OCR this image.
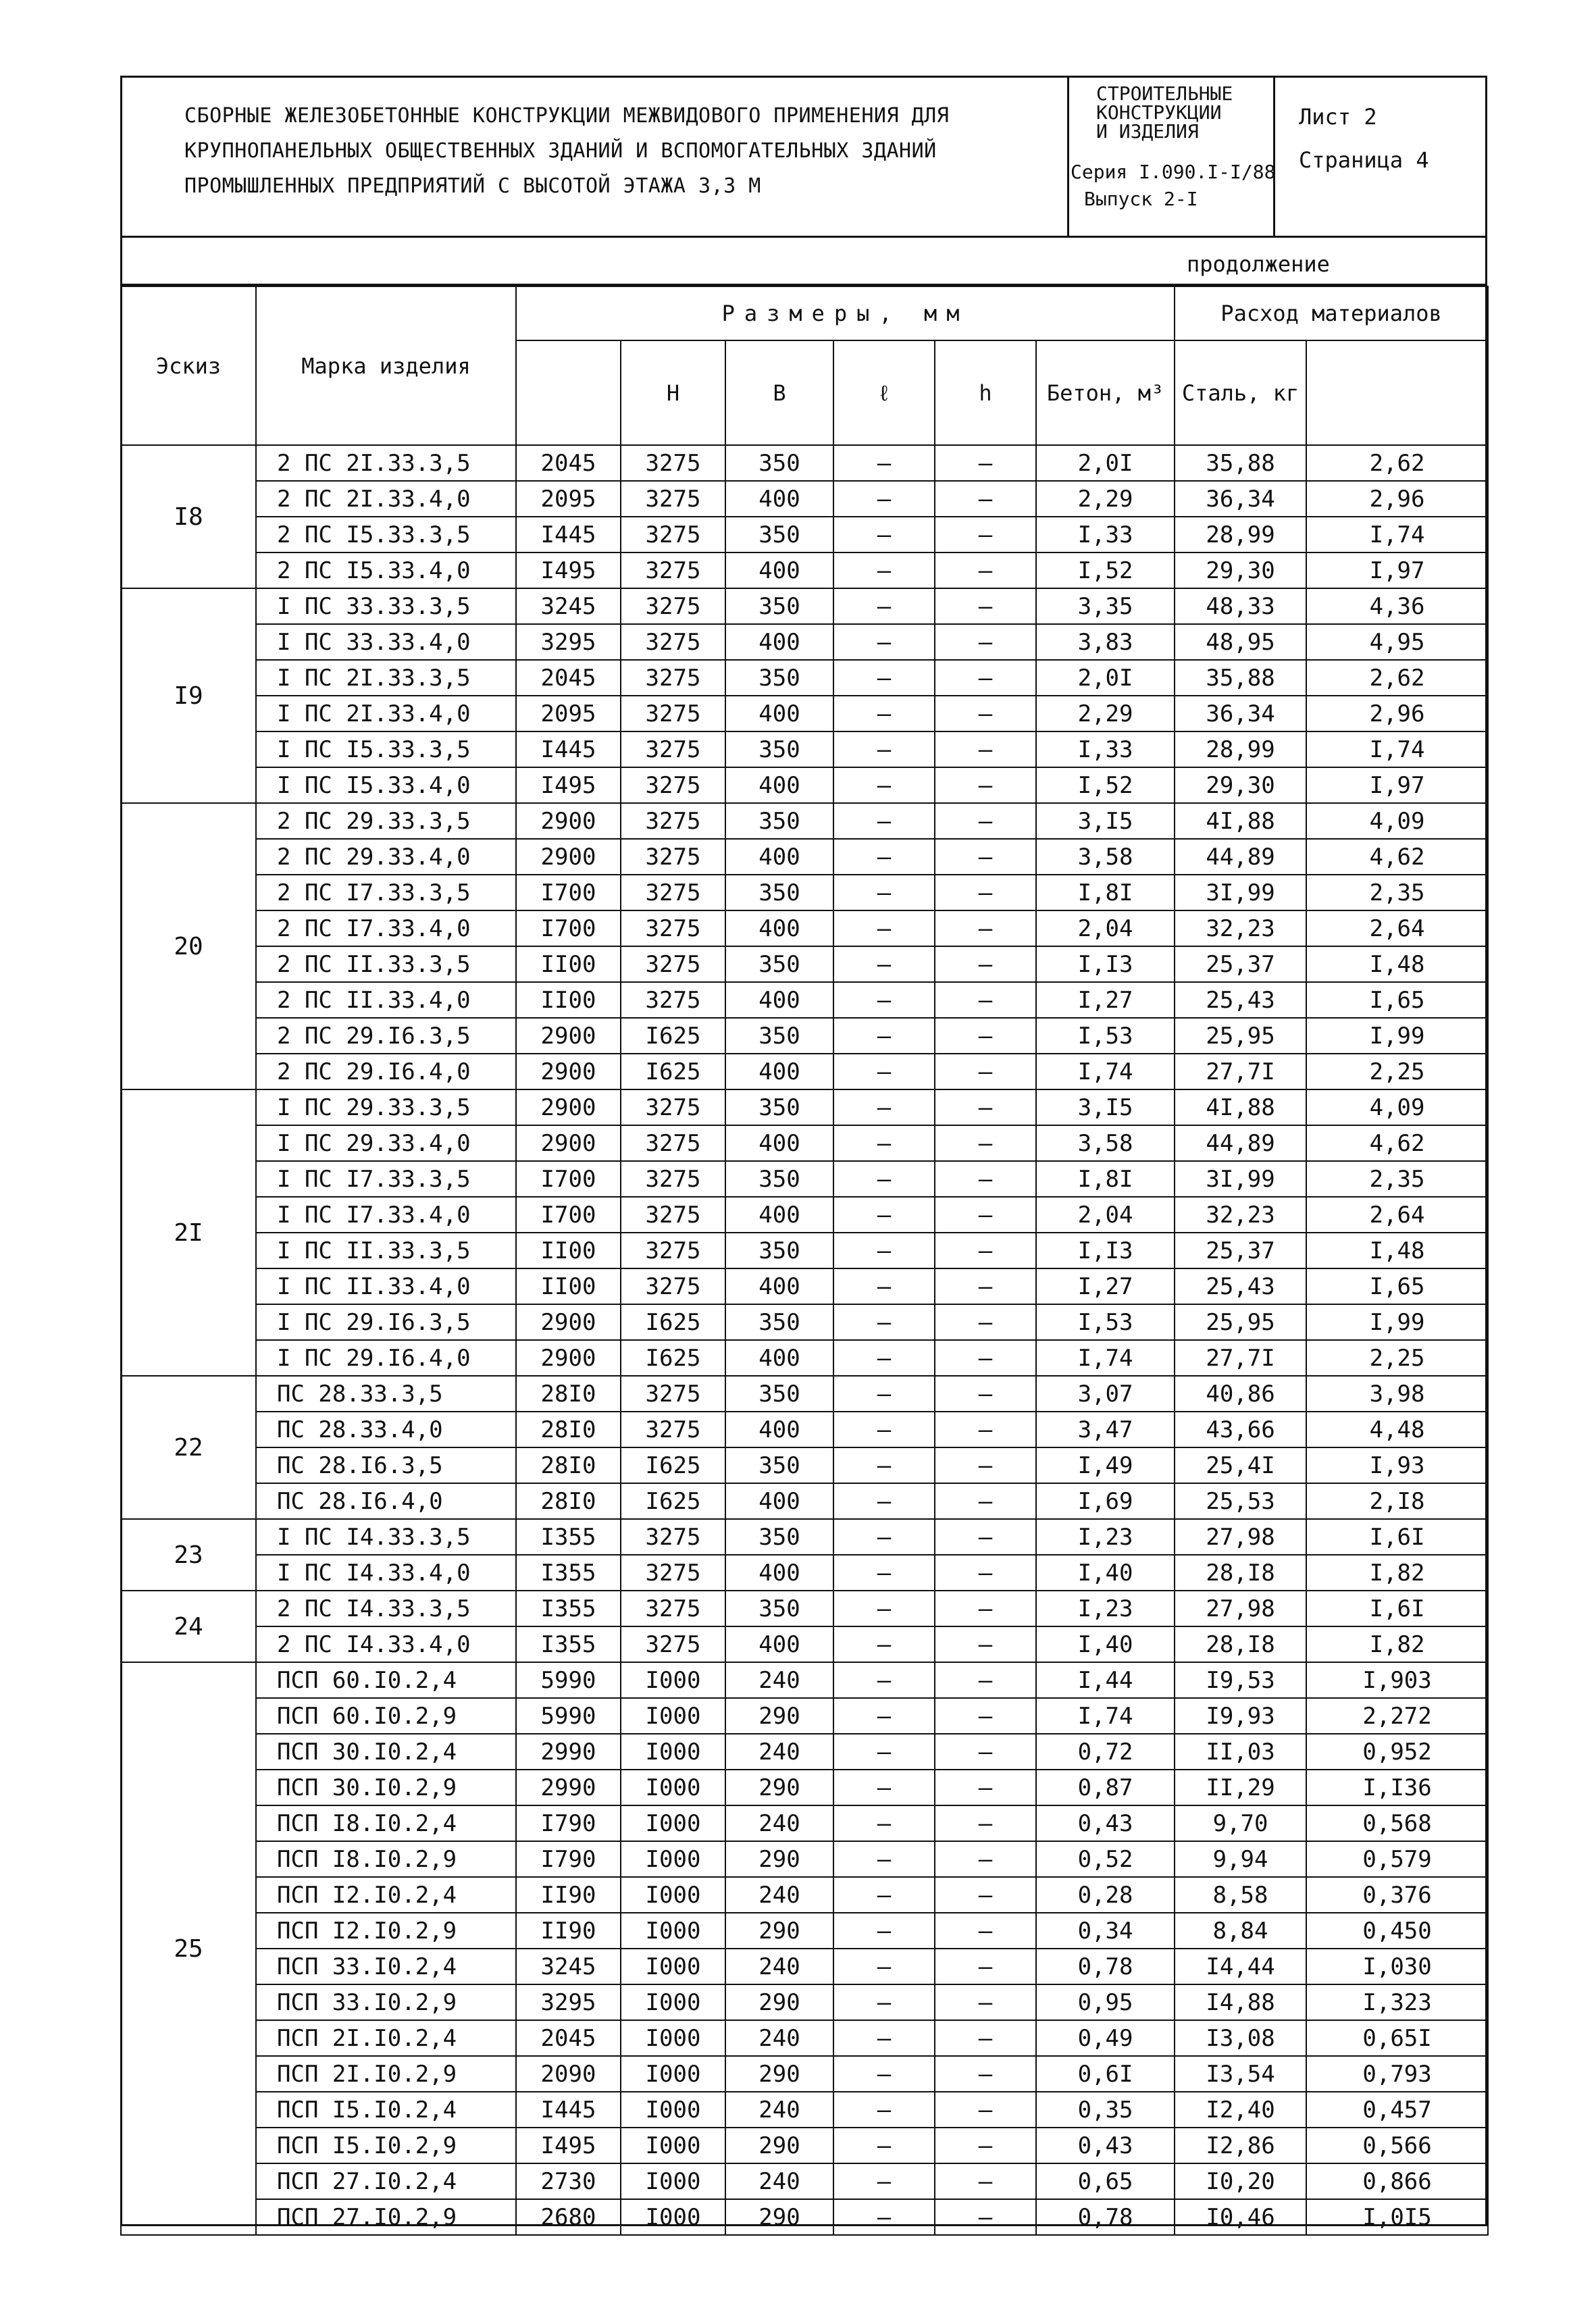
СБОРНЫЕ ЖЕЛЕЗОБЕТОННЫЕ КОНСТРУКЦИИ МЕЖВИДОВОГО ПРИМЕНЕНИЯ ДЛЯ
КРУПНОПАНЕЛЬНЫХ ОБЩЕСТВЕННЫХ ЗДАНИЙ И ВСПОМОГАТЕЛЬНЫХ ЗДАНИЙ
ПРОМЫШЛЕННЫХ ПРЕДПРИЯТИЙ С ВЫСОТОЙ ЭТАЖА 3,3 М
СТРОИТЕЛЬНЫЕ
КОНСТРУКЦИИ
И ИЗДЕЛИЯ
Серия I.090.I-I/88
Выпуск 2-I
Лист 2
Страница 4
продолжение
Эскиз	Марка изделия	Размеры, мм						Расход материалов	
			H	B	ℓ	h	Бетон, м³	Сталь, кг		
I8	2 ПС 2I.33.3,5	2045	3275	350	–	–	2,0I	35,88	2,62	
	2 ПС 2I.33.4,0	2095	3275	400	–	–	2,29	36,34	2,96	
	2 ПС I5.33.3,5	I445	3275	350	–	–	I,33	28,99	I,74	
	2 ПС I5.33.4,0	I495	3275	400	–	–	I,52	29,30	I,97	
I9	I ПС 33.33.3,5	3245	3275	350	–	–	3,35	48,33	4,36	
	I ПС 33.33.4,0	3295	3275	400	–	–	3,83	48,95	4,95	
	I ПС 2I.33.3,5	2045	3275	350	–	–	2,0I	35,88	2,62	
	I ПС 2I.33.4,0	2095	3275	400	–	–	2,29	36,34	2,96	
	I ПС I5.33.3,5	I445	3275	350	–	–	I,33	28,99	I,74	
	I ПС I5.33.4,0	I495	3275	400	–	–	I,52	29,30	I,97	
20	2 ПС 29.33.3,5	2900	3275	350	–	–	3,I5	4I,88	4,09	
	2 ПС 29.33.4,0	2900	3275	400	–	–	3,58	44,89	4,62	
	2 ПС I7.33.3,5	I700	3275	350	–	–	I,8I	3I,99	2,35	
	2 ПС I7.33.4,0	I700	3275	400	–	–	2,04	32,23	2,64	
	2 ПС II.33.3,5	II00	3275	350	–	–	I,I3	25,37	I,48	
	2 ПС II.33.4,0	II00	3275	400	–	–	I,27	25,43	I,65	
	2 ПС 29.I6.3,5	2900	I625	350	–	–	I,53	25,95	I,99	
	2 ПС 29.I6.4,0	2900	I625	400	–	–	I,74	27,7I	2,25	
2I	I ПС 29.33.3,5	2900	3275	350	–	–	3,I5	4I,88	4,09	
	I ПС 29.33.4,0	2900	3275	400	–	–	3,58	44,89	4,62	
	I ПС I7.33.3,5	I700	3275	350	–	–	I,8I	3I,99	2,35	
	I ПС I7.33.4,0	I700	3275	400	–	–	2,04	32,23	2,64	
	I ПС II.33.3,5	II00	3275	350	–	–	I,I3	25,37	I,48	
	I ПС II.33.4,0	II00	3275	400	–	–	I,27	25,43	I,65	
	I ПС 29.I6.3,5	2900	I625	350	–	–	I,53	25,95	I,99	
	I ПС 29.I6.4,0	2900	I625	400	–	–	I,74	27,7I	2,25	
22	ПС 28.33.3,5	28I0	3275	350	–	–	3,07	40,86	3,98	
	ПС 28.33.4,0	28I0	3275	400	–	–	3,47	43,66	4,48	
	ПС 28.I6.3,5	28I0	I625	350	–	–	I,49	25,4I	I,93	
	ПС 28.I6.4,0	28I0	I625	400	–	–	I,69	25,53	2,I8	
23	I ПС I4.33.3,5	I355	3275	350	–	–	I,23	27,98	I,6I	
	I ПС I4.33.4,0	I355	3275	400	–	–	I,40	28,I8	I,82	
24	2 ПС I4.33.3,5	I355	3275	350	–	–	I,23	27,98	I,6I	
	2 ПС I4.33.4,0	I355	3275	400	–	–	I,40	28,I8	I,82	
25	ПСП 60.I0.2,4	5990	I000	240	–	–	I,44	I9,53	I,903	
	ПСП 60.I0.2,9	5990	I000	290	–	–	I,74	I9,93	2,272	
	ПСП 30.I0.2,4	2990	I000	240	–	–	0,72	II,03	0,952	
	ПСП 30.I0.2,9	2990	I000	290	–	–	0,87	II,29	I,I36	
	ПСП I8.I0.2,4	I790	I000	240	–	–	0,43	9,70	0,568	
	ПСП I8.I0.2,9	I790	I000	290	–	–	0,52	9,94	0,579	
	ПСП I2.I0.2,4	II90	I000	240	–	–	0,28	8,58	0,376	
	ПСП I2.I0.2,9	II90	I000	290	–	–	0,34	8,84	0,450	
	ПСП 33.I0.2,4	3245	I000	240	–	–	0,78	I4,44	I,030	
	ПСП 33.I0.2,9	3295	I000	290	–	–	0,95	I4,88	I,323	
	ПСП 2I.I0.2,4	2045	I000	240	–	–	0,49	I3,08	0,65I	
	ПСП 2I.I0.2,9	2090	I000	290	–	–	0,6I	I3,54	0,793	
	ПСП I5.I0.2,4	I445	I000	240	–	–	0,35	I2,40	0,457	
	ПСП I5.I0.2,9	I495	I000	290	–	–	0,43	I2,86	0,566	
	ПСП 27.I0.2,4	2730	I000	240	–	–	0,65	I0,20	0,866	
	ПСП 27.I0.2,9	2680	I000	290	–	–	0,78	I0,46	I,0I5	
